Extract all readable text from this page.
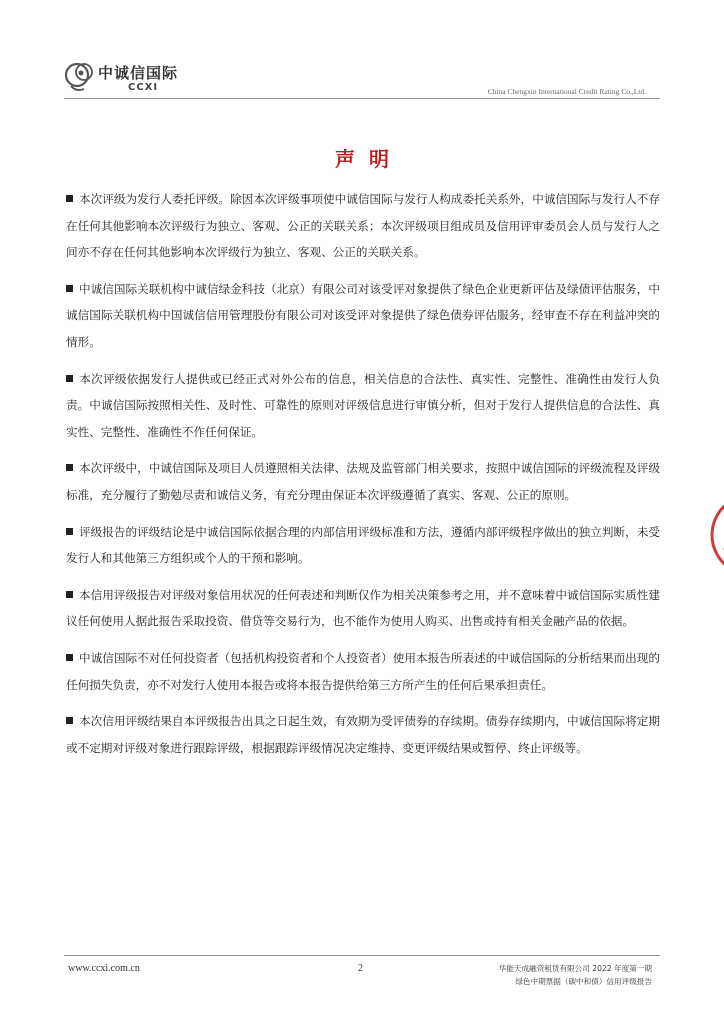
中诚信国际
CCXI	China Chengxin International Credit Rating Co.,Ltd.
声明

本次评级为发行人委托评级。除因本次评级事项使中诚信国际与发行人构成委托关系外，中诚信国际与发行人不存在任何其他影响本次评级行为独立、客观、公正的关联关系；本次评级项目组成员及信用评审委员会人员与发行人之间亦不存在任何其他影响本次评级行为独立、客观、公正的关联关系。

中诚信国际关联机构中诚信绿金科技（北京）有限公司对该受评对象提供了绿色企业更新评估及绿债评估服务，中诚信国际关联机构中国诚信信用管理股份有限公司对该受评对象提供了绿色债券评估服务，经审查不存在利益冲突的情形。

本次评级依据发行人提供或已经正式对外公布的信息，相关信息的合法性、真实性、完整性、准确性由发行人负责。中诚信国际按照相关性、及时性、可靠性的原则对评级信息进行审慎分析，但对于发行人提供信息的合法性、真实性、完整性、准确性不作任何保证。

本次评级中，中诚信国际及项目人员遵照相关法律、法规及监管部门相关要求，按照中诚信国际的评级流程及评级标准，充分履行了勤勉尽责和诚信义务，有充分理由保证本次评级遵循了真实、客观、公正的原则。

评级报告的评级结论是中诚信国际依据合理的内部信用评级标准和方法，遵循内部评级程序做出的独立判断，未受发行人和其他第三方组织或个人的干预和影响。

本信用评级报告对评级对象信用状况的任何表述和判断仅作为相关决策参考之用，并不意味着中诚信国际实质性建议任何使用人据此报告采取投资、借贷等交易行为，也不能作为使用人购买、出售或持有相关金融产品的依据。

中诚信国际不对任何投资者（包括机构投资者和个人投资者）使用本报告所表述的中诚信国际的分析结果而出现的任何损失负责，亦不对发行人使用本报告或将本报告提供给第三方所产生的任何后果承担责任。

本次信用评级结果自本评级报告出具之日起生效，有效期为受评债券的存续期。债券存续期内，中诚信国际将定期或不定期对评级对象进行跟踪评级，根据跟踪评级情况决定维持、变更评级结果或暂停、终止评级等。

www.ccxi.com.cn	2	华能天成融资租赁有限公司 2022 年度第一期
绿色中期票据（碳中和债）信用评级报告
